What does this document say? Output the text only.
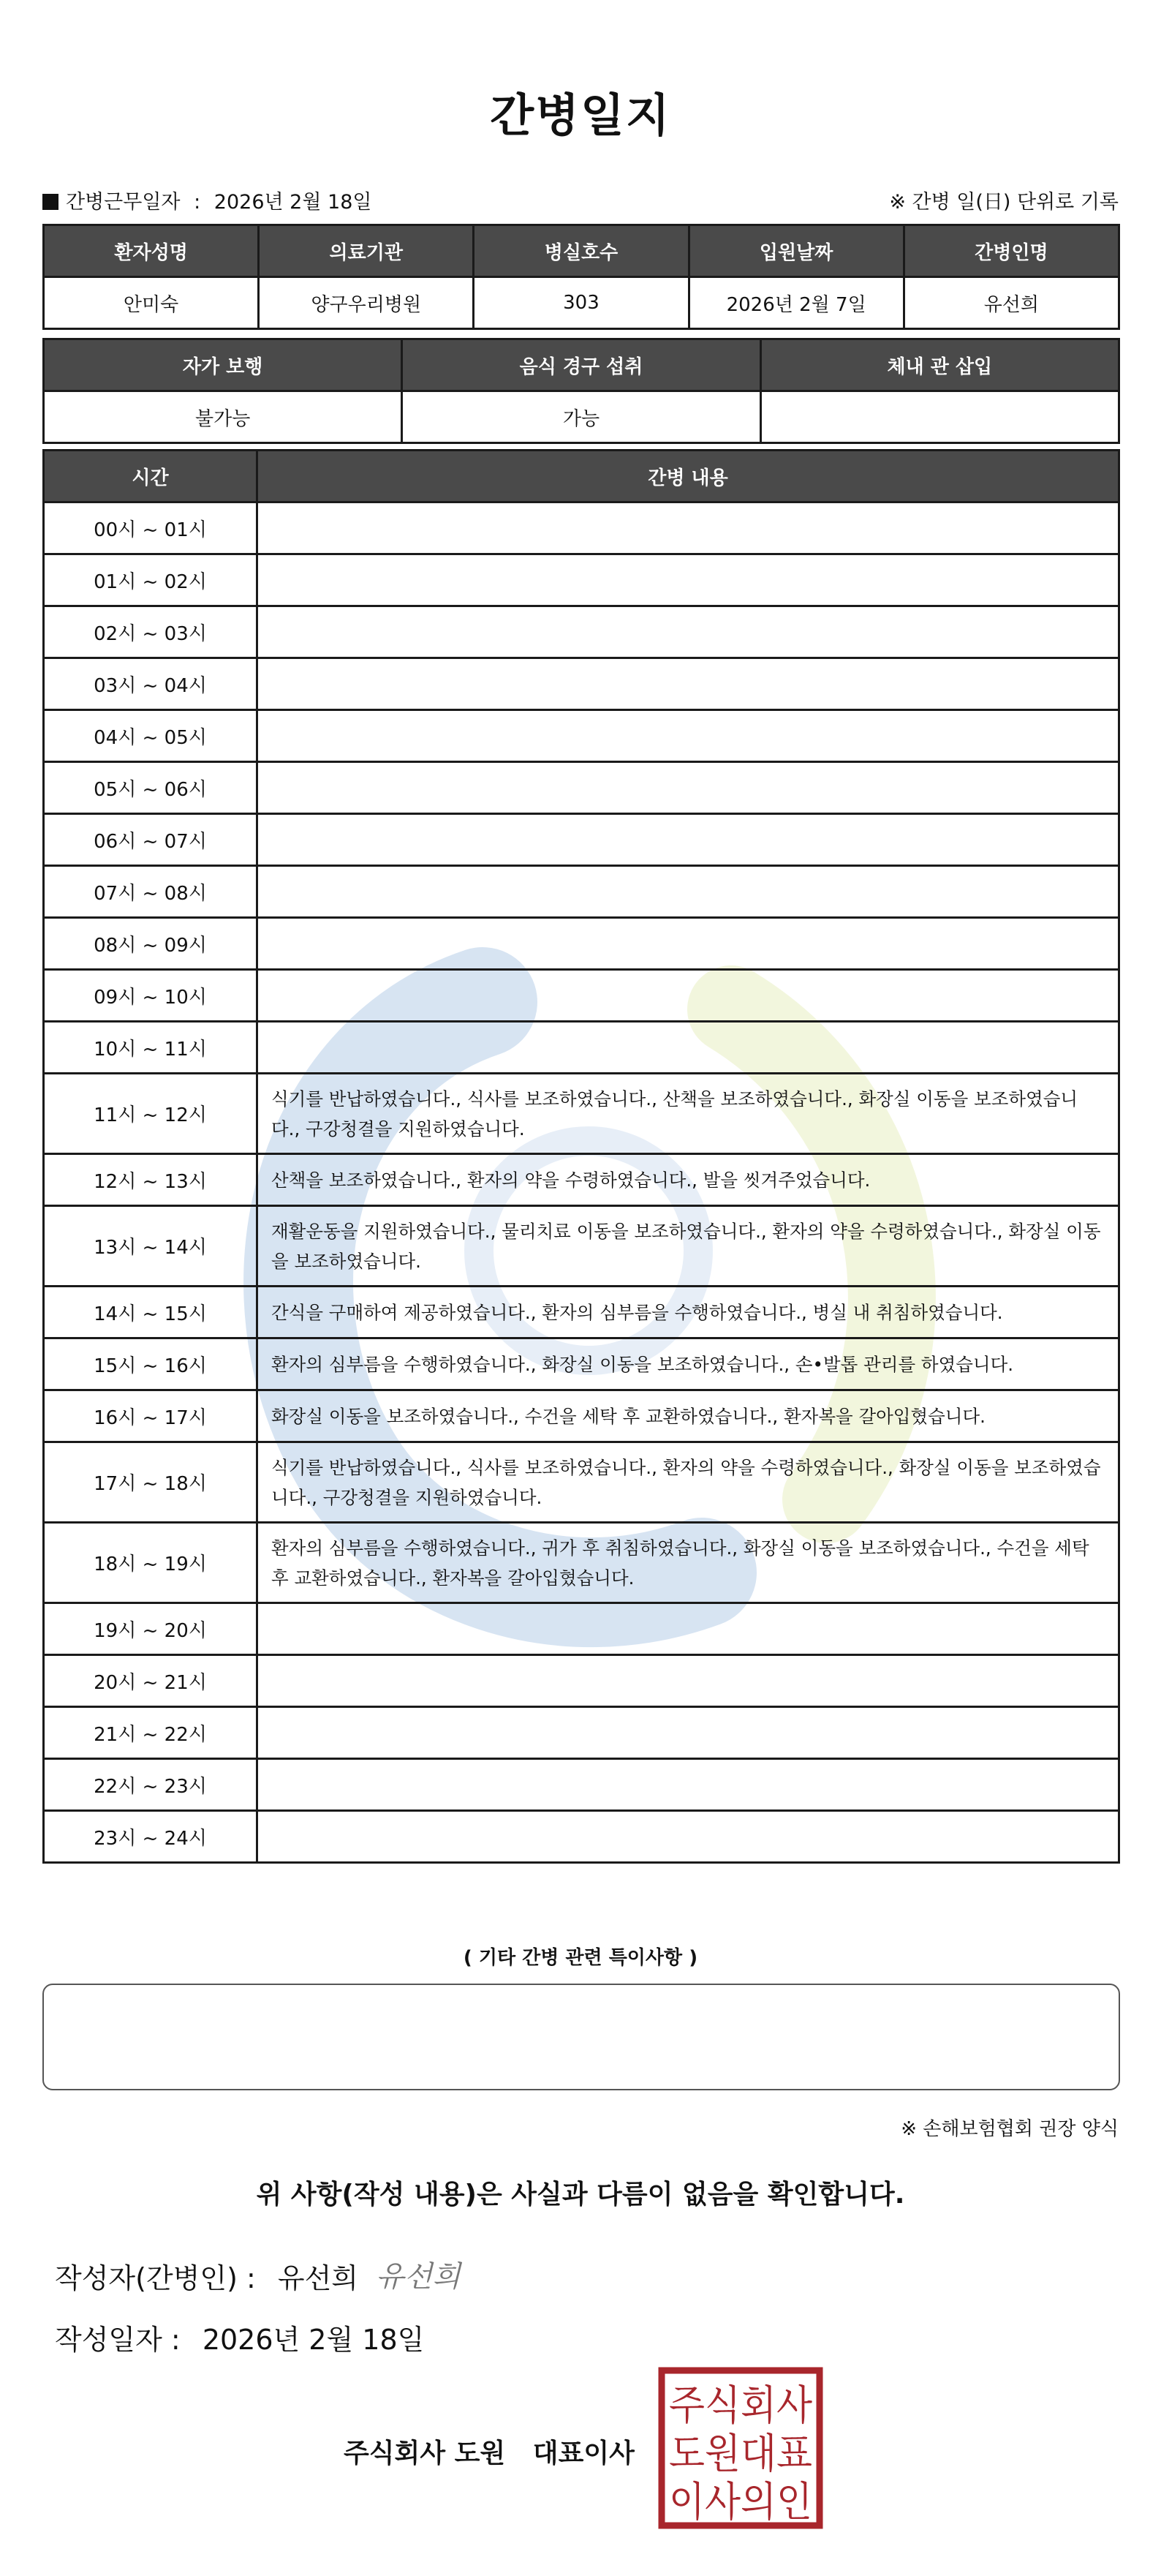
간병일지
간병근무일자 : 2026년 2월 18일	※ 간병 일(日) 단위로 기록
환자성명	의료기관	병실호수	입원날짜	간병인명
안미숙	양구우리병원	303	2026년 2월 7일	유선희
자가 보행	음식 경구 섭취	체내 관 삽입
불가능	가능	
시간	간병 내용
00시 ~ 01시	
01시 ~ 02시	
02시 ~ 03시	
03시 ~ 04시	
04시 ~ 05시	
05시 ~ 06시	
06시 ~ 07시	
07시 ~ 08시	
08시 ~ 09시	
09시 ~ 10시	
10시 ~ 11시	
11시 ~ 12시	식기를 반납하였습니다., 식사를 보조하였습니다., 산책을 보조하였습니다., 화장실 이동을 보조하였습니다., 구강청결을 지원하였습니다.
12시 ~ 13시	산책을 보조하였습니다., 환자의 약을 수령하였습니다., 발을 씻겨주었습니다.
13시 ~ 14시	재활운동을 지원하였습니다., 물리치료 이동을 보조하였습니다., 환자의 약을 수령하였습니다., 화장실 이동을 보조하였습니다.
14시 ~ 15시	간식을 구매하여 제공하였습니다., 환자의 심부름을 수행하였습니다., 병실 내 취침하였습니다.
15시 ~ 16시	환자의 심부름을 수행하였습니다., 화장실 이동을 보조하였습니다., 손•발톱 관리를 하였습니다.
16시 ~ 17시	화장실 이동을 보조하였습니다., 수건을 세탁 후 교환하였습니다., 환자복을 갈아입혔습니다.
17시 ~ 18시	식기를 반납하였습니다., 식사를 보조하였습니다., 환자의 약을 수령하였습니다., 화장실 이동을 보조하였습니다., 구강청결을 지원하였습니다.
18시 ~ 19시	환자의 심부름을 수행하였습니다., 귀가 후 취침하였습니다., 화장실 이동을 보조하였습니다., 수건을 세탁 후 교환하였습니다., 환자복을 갈아입혔습니다.
19시 ~ 20시	
20시 ~ 21시	
21시 ~ 22시	
22시 ~ 23시	
23시 ~ 24시	
( 기타 간병 관련 특이사항 )
※ 손해보험협회 권장 양식
위 사항(작성 내용)은 사실과 다름이 없음을 확인합니다.
작성자(간병인) : 유선희 유선희
작성일자 : 2026년 2월 18일
주식회사 도원   대표이사
주식회사
도원대표
이사의인
